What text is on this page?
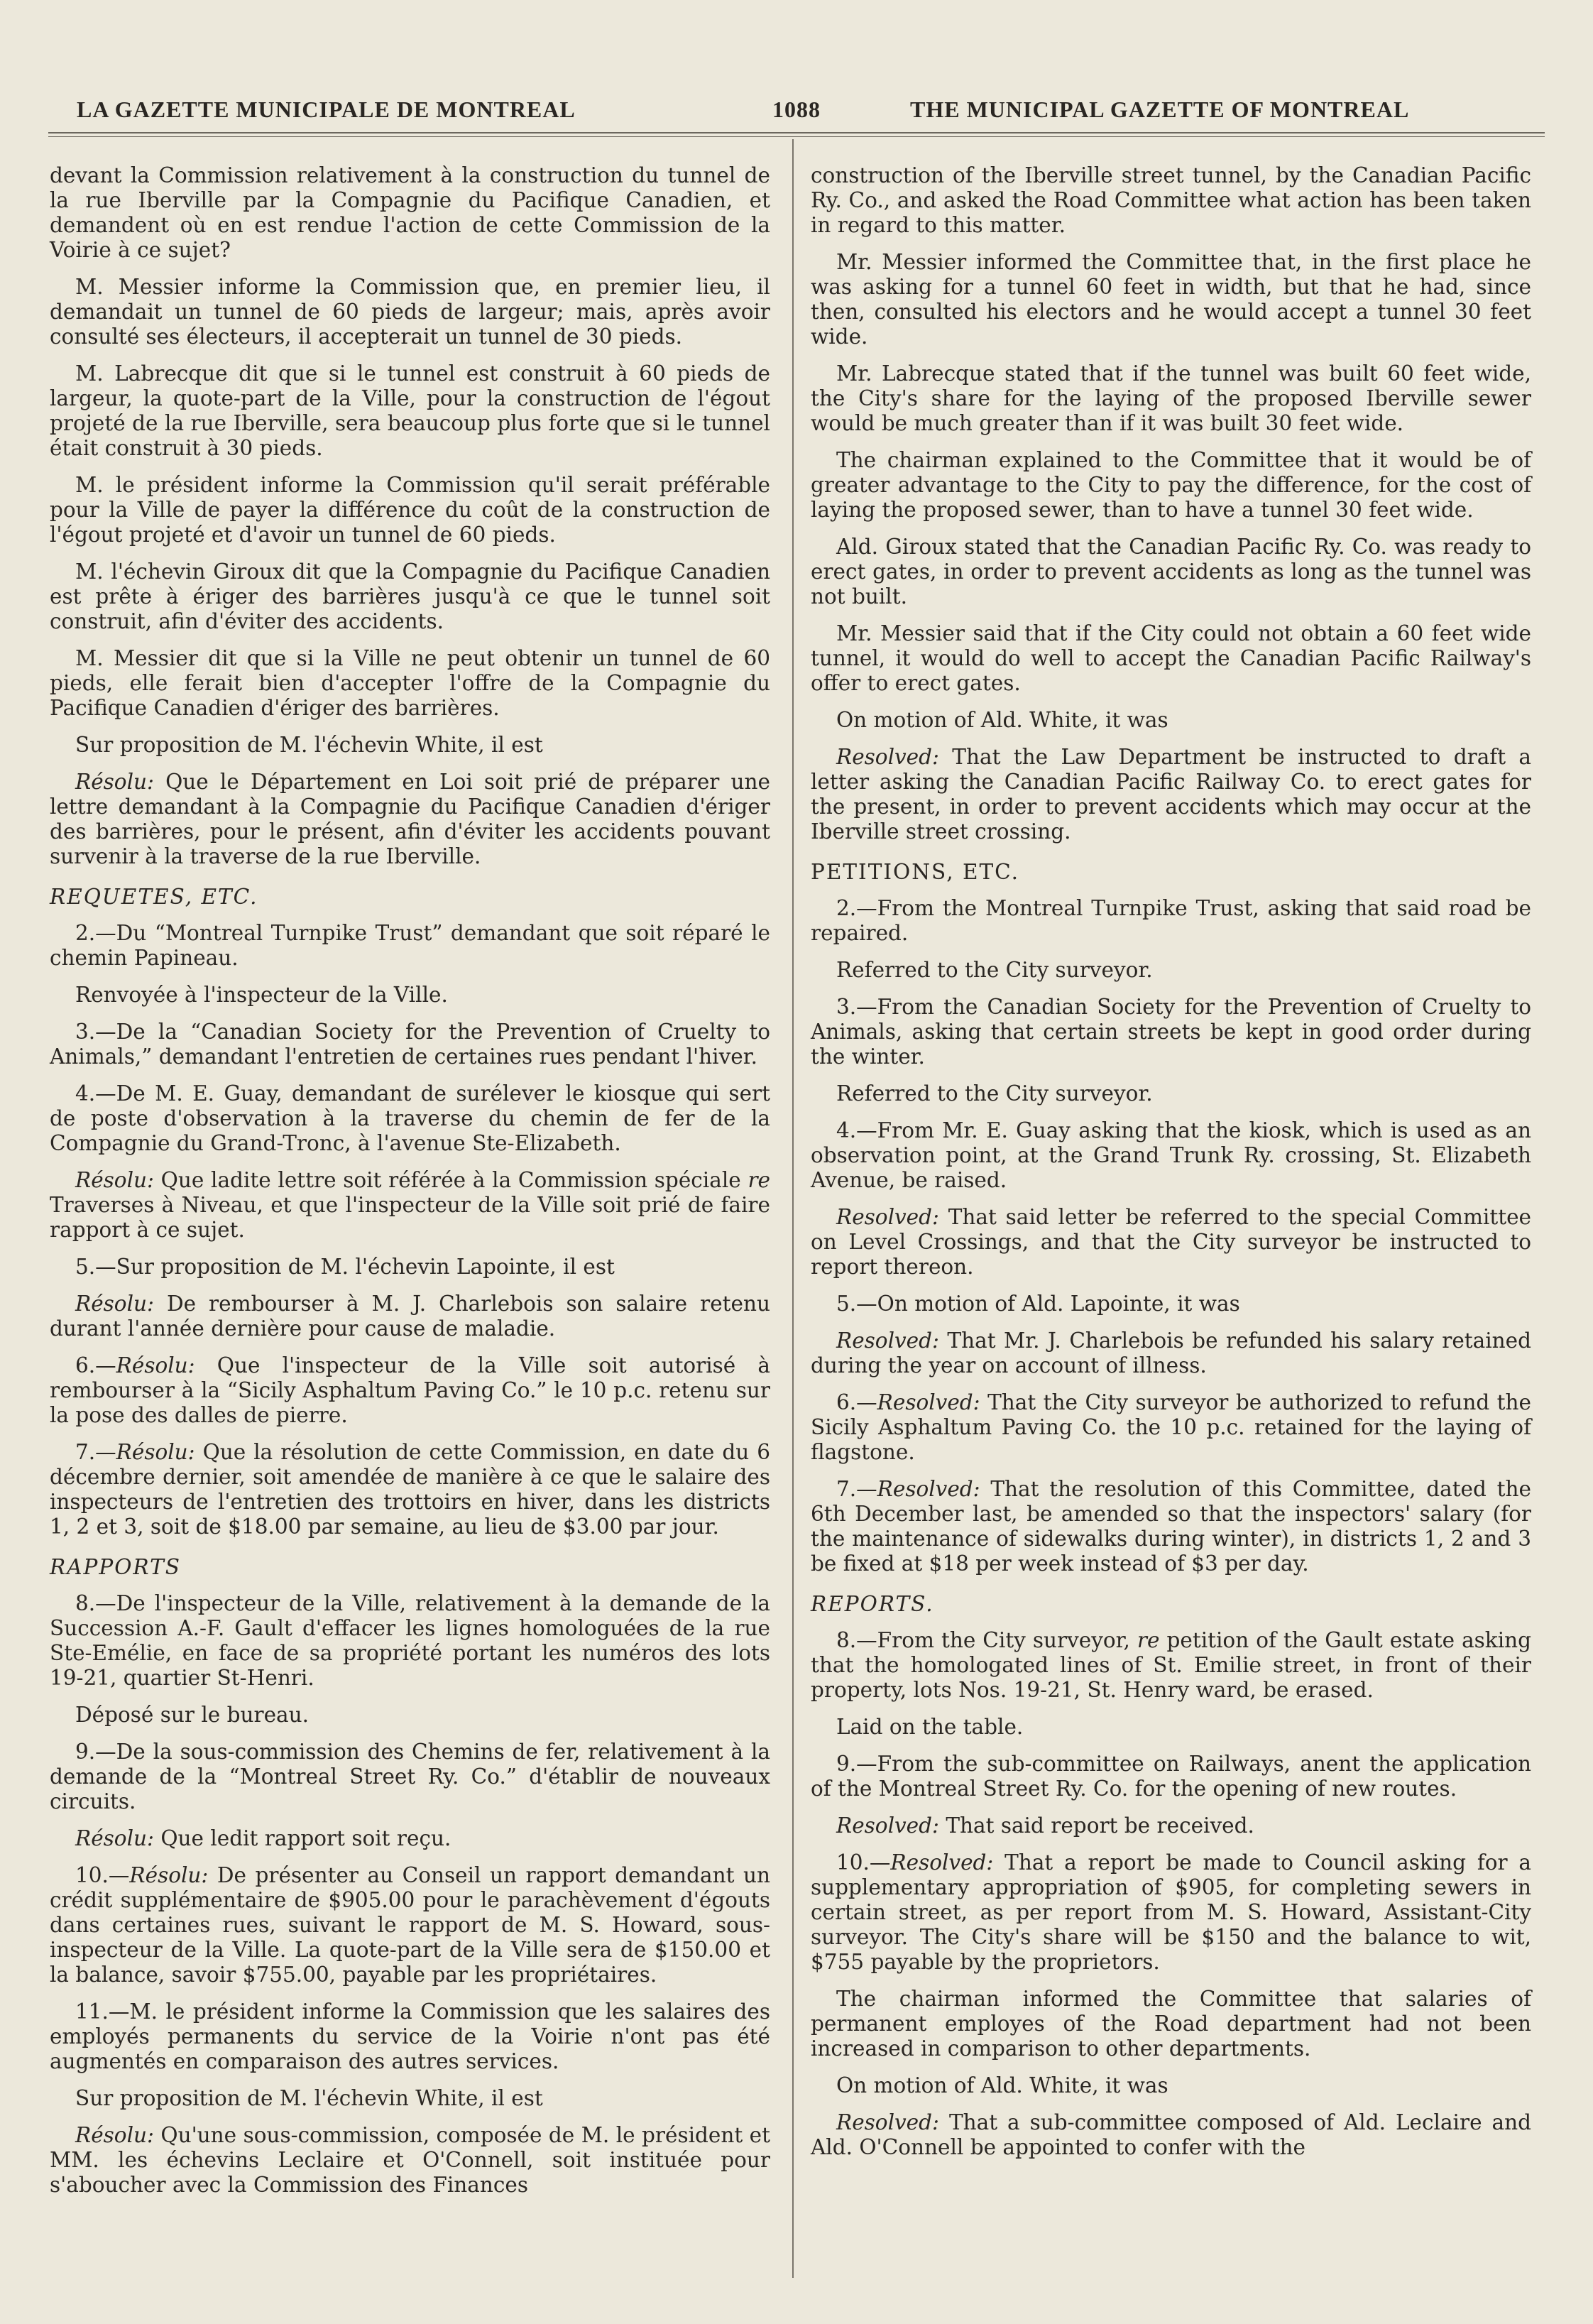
LA GAZETTE MUNICIPALE DE MONTREAL	1088	THE MUNICIPAL GAZETTE OF MONTREAL

devant la Commission relativement à la construction du tunnel de la rue Iberville par la Compagnie du Pacifique Canadien, et demandent où en est rendue l'action de cette Commission de la Voirie à ce sujet?

M. Messier informe la Commission que, en premier lieu, il demandait un tunnel de 60 pieds de largeur; mais, après avoir consulté ses électeurs, il accepterait un tunnel de 30 pieds.

M. Labrecque dit que si le tunnel est construit à 60 pieds de largeur, la quote-part de la Ville, pour la construction de l'égout projeté de la rue Iberville, sera beaucoup plus forte que si le tunnel était construit à 30 pieds.

M. le président informe la Commission qu'il serait préférable pour la Ville de payer la différence du coût de la construction de l'égout projeté et d'avoir un tunnel de 60 pieds.

M. l'échevin Giroux dit que la Compagnie du Pacifique Canadien est prête à ériger des barrières jusqu'à ce que le tunnel soit construit, afin d'éviter des accidents.

M. Messier dit que si la Ville ne peut obtenir un tunnel de 60 pieds, elle ferait bien d'accepter l'offre de la Compagnie du Pacifique Canadien d'ériger des barrières.

Sur proposition de M. l'échevin White, il est

Résolu: Que le Département en Loi soit prié de préparer une lettre demandant à la Compagnie du Pacifique Canadien d'ériger des barrières, pour le présent, afin d'éviter les accidents pouvant survenir à la traverse de la rue Iberville.

REQUETES, ETC.

2.—Du “Montreal Turnpike Trust” demandant que soit réparé le chemin Papineau.

Renvoyée à l'inspecteur de la Ville.

3.—De la “Canadian Society for the Prevention of Cruelty to Animals,” demandant l'entretien de certaines rues pendant l'hiver.

4.—De M. E. Guay, demandant de surélever le kiosque qui sert de poste d'observation à la traverse du chemin de fer de la Compagnie du Grand-Tronc, à l'avenue Ste-Elizabeth.

Résolu: Que ladite lettre soit référée à la Commission spéciale re Traverses à Niveau, et que l'inspecteur de la Ville soit prié de faire rapport à ce sujet.

5.—Sur proposition de M. l'échevin Lapointe, il est

Résolu: De rembourser à M. J. Charlebois son salaire retenu durant l'année dernière pour cause de maladie.

6.—Résolu: Que l'inspecteur de la Ville soit autorisé à rembourser à la “Sicily Asphaltum Paving Co.” le 10 p.c. retenu sur la pose des dalles de pierre.

7.—Résolu: Que la résolution de cette Commission, en date du 6 décembre dernier, soit amendée de manière à ce que le salaire des inspecteurs de l'entretien des trottoirs en hiver, dans les districts 1, 2 et 3, soit de $18.00 par semaine, au lieu de $3.00 par jour.

RAPPORTS

8.—De l'inspecteur de la Ville, relativement à la demande de la Succession A.-F. Gault d'effacer les lignes homologuées de la rue Ste-Emélie, en face de sa propriété portant les numéros des lots 19-21, quartier St-Henri.

Déposé sur le bureau.

9.—De la sous-commission des Chemins de fer, relativement à la demande de la “Montreal Street Ry. Co.” d'établir de nouveaux circuits.

Résolu: Que ledit rapport soit reçu.

10.—Résolu: De présenter au Conseil un rapport demandant un crédit supplémentaire de $905.00 pour le parachèvement d'égouts dans certaines rues, suivant le rapport de M. S. Howard, sous-inspecteur de la Ville. La quote-part de la Ville sera de $150.00 et la balance, savoir $755.00, payable par les propriétaires.

11.—M. le président informe la Commission que les salaires des employés permanents du service de la Voirie n'ont pas été augmentés en comparaison des autres services.

Sur proposition de M. l'échevin White, il est

Résolu: Qu'une sous-commission, composée de M. le président et MM. les échevins Leclaire et O'Connell, soit instituée pour s'aboucher avec la Commission des Finances

construction of the Iberville street tunnel, by the Canadian Pacific Ry. Co., and asked the Road Committee what action has been taken in regard to this matter.

Mr. Messier informed the Committee that, in the first place he was asking for a tunnel 60 feet in width, but that he had, since then, consulted his electors and he would accept a tunnel 30 feet wide.

Mr. Labrecque stated that if the tunnel was built 60 feet wide, the City's share for the laying of the proposed Iberville sewer would be much greater than if it was built 30 feet wide.

The chairman explained to the Committee that it would be of greater advantage to the City to pay the difference, for the cost of laying the proposed sewer, than to have a tunnel 30 feet wide.

Ald. Giroux stated that the Canadian Pacific Ry. Co. was ready to erect gates, in order to prevent accidents as long as the tunnel was not built.

Mr. Messier said that if the City could not obtain a 60 feet wide tunnel, it would do well to accept the Canadian Pacific Railway's offer to erect gates.

On motion of Ald. White, it was

Resolved: That the Law Department be instructed to draft a letter asking the Canadian Pacific Railway Co. to erect gates for the present, in order to prevent accidents which may occur at the Iberville street crossing.

PETITIONS, ETC.

2.—From the Montreal Turnpike Trust, asking that said road be repaired.

Referred to the City surveyor.

3.—From the Canadian Society for the Prevention of Cruelty to Animals, asking that certain streets be kept in good order during the winter.

Referred to the City surveyor.

4.—From Mr. E. Guay asking that the kiosk, which is used as an observation point, at the Grand Trunk Ry. crossing, St. Elizabeth Avenue, be raised.

Resolved: That said letter be referred to the special Committee on Level Crossings, and that the City surveyor be instructed to report thereon.

5.—On motion of Ald. Lapointe, it was

Resolved: That Mr. J. Charlebois be refunded his salary retained during the year on account of illness.

6.—Resolved: That the City surveyor be authorized to refund the Sicily Asphaltum Paving Co. the 10 p.c. retained for the laying of flagstone.

7.—Resolved: That the resolution of this Committee, dated the 6th December last, be amended so that the inspectors' salary (for the maintenance of sidewalks during winter), in districts 1, 2 and 3 be fixed at $18 per week instead of $3 per day.

REPORTS.

8.—From the City surveyor, re petition of the Gault estate asking that the homologated lines of St. Emilie street, in front of their property, lots Nos. 19-21, St. Henry ward, be erased.

Laid on the table.

9.—From the sub-committee on Railways, anent the application of the Montreal Street Ry. Co. for the opening of new routes.

Resolved: That said report be received.

10.—Resolved: That a report be made to Council asking for a supplementary appropriation of $905, for completing sewers in certain street, as per report from M. S. Howard, Assistant-City surveyor. The City's share will be $150 and the balance to wit, $755 payable by the proprietors.

The chairman informed the Committee that salaries of permanent employes of the Road department had not been increased in comparison to other departments.

On motion of Ald. White, it was

Resolved: That a sub-committee composed of Ald. Leclaire and Ald. O'Connell be appointed to confer with the
